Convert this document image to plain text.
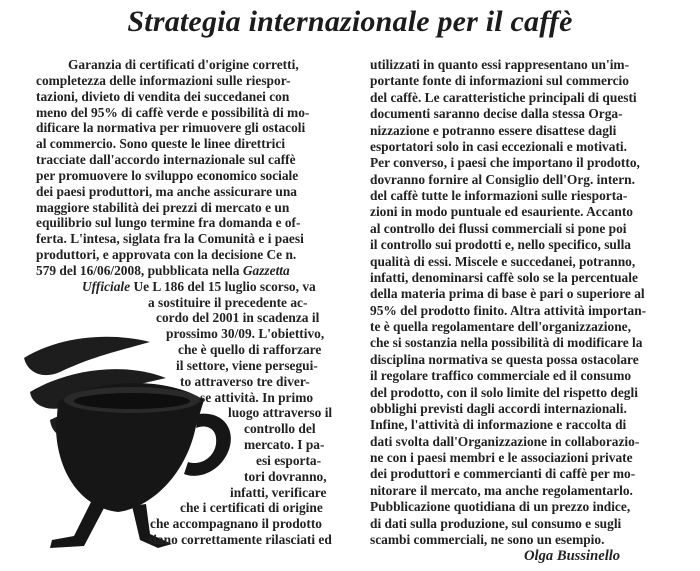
Strategia internazionale per il caffè
Garanzia di certificati d'origine corretti,
completezza delle informazioni sulle riespor-
tazioni, divieto di vendita dei succedanei con
meno del 95% di caffè verde e possibilità di mo-
dificare la normativa per rimuovere gli ostacoli
al commercio. Sono queste le linee direttrici
tracciate dall'accordo internazionale sul caffè
per promuovere lo sviluppo economico sociale
dei paesi produttori, ma anche assicurare una
maggiore stabilità dei prezzi di mercato e un
equilibrio sul lungo termine fra domanda e of-
ferta. L'intesa, siglata fra la Comunità e i paesi
produttori, e approvata con la decisione Ce n.
579 del 16/06/2008, pubblicata nella Gazzetta
Ufficiale Ue L 186 del 15 luglio scorso, va
a sostituire il precedente ac-
cordo del 2001 in scadenza il
prossimo 30/09. L'obiettivo,
che è quello di rafforzare
il settore, viene persegui-
to attraverso tre diver-
se attività. In primo
luogo attraverso il
controllo del
mercato. I pa-
esi esporta-
tori dovranno,
infatti, verificare
che i certificati di origine
che accompagnano il prodotto
siano correttamente rilasciati ed
utilizzati in quanto essi rappresentano un'im-
portante fonte di informazioni sul commercio
del caffè. Le caratteristiche principali di questi
documenti saranno decise dalla stessa Orga-
nizzazione e potranno essere disattese dagli
esportatori solo in casi eccezionali e motivati.
Per converso, i paesi che importano il prodotto,
dovranno fornire al Consiglio dell'Org. intern.
del caffè tutte le informazioni sulle riesporta-
zioni in modo puntuale ed esauriente. Accanto
al controllo dei flussi commerciali si pone poi
il controllo sui prodotti e, nello specifico, sulla
qualità di essi. Miscele e succedanei, potranno,
infatti, denominarsi caffè solo se la percentuale
della materia prima di base è pari o superiore al
95% del prodotto finito. Altra attività importan-
te è quella regolamentare dell'organizzazione,
che si sostanzia nella possibilità di modificare la
disciplina normativa se questa possa ostacolare
il regolare traffico commerciale ed il consumo
del prodotto, con il solo limite del rispetto degli
obblighi previsti dagli accordi internazionali.
Infine, l'attività di informazione e raccolta di
dati svolta dall'Organizzazione in collaborazio-
ne con i paesi membri e le associazioni private
dei produttori e commercianti di caffè per mo-
nitorare il mercato, ma anche regolamentarlo.
Pubblicazione quotidiana di un prezzo indice,
di dati sulla produzione, sul consumo e sugli
scambi commerciali, ne sono un esempio.
Olga Bussinello
